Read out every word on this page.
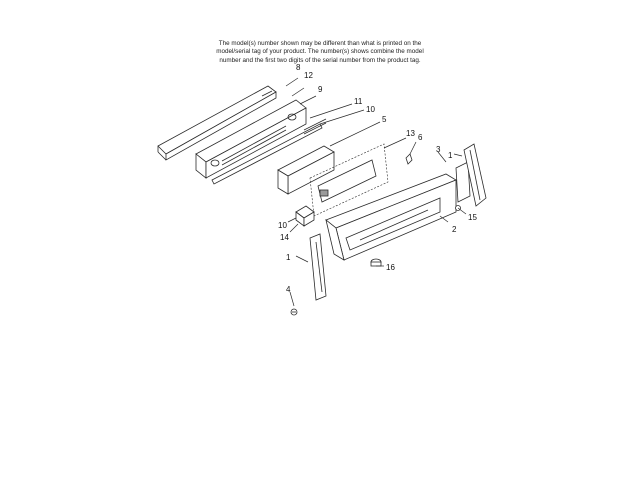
The model(s) number shown may be different than what is printed on the
model/serial tag of your product. The number(s) shows combine the model
number and the first two digits of the serial number from the product tag.
8
12
9
11
10
5
13 6
3
1
15
2
10
14
16
1
4
